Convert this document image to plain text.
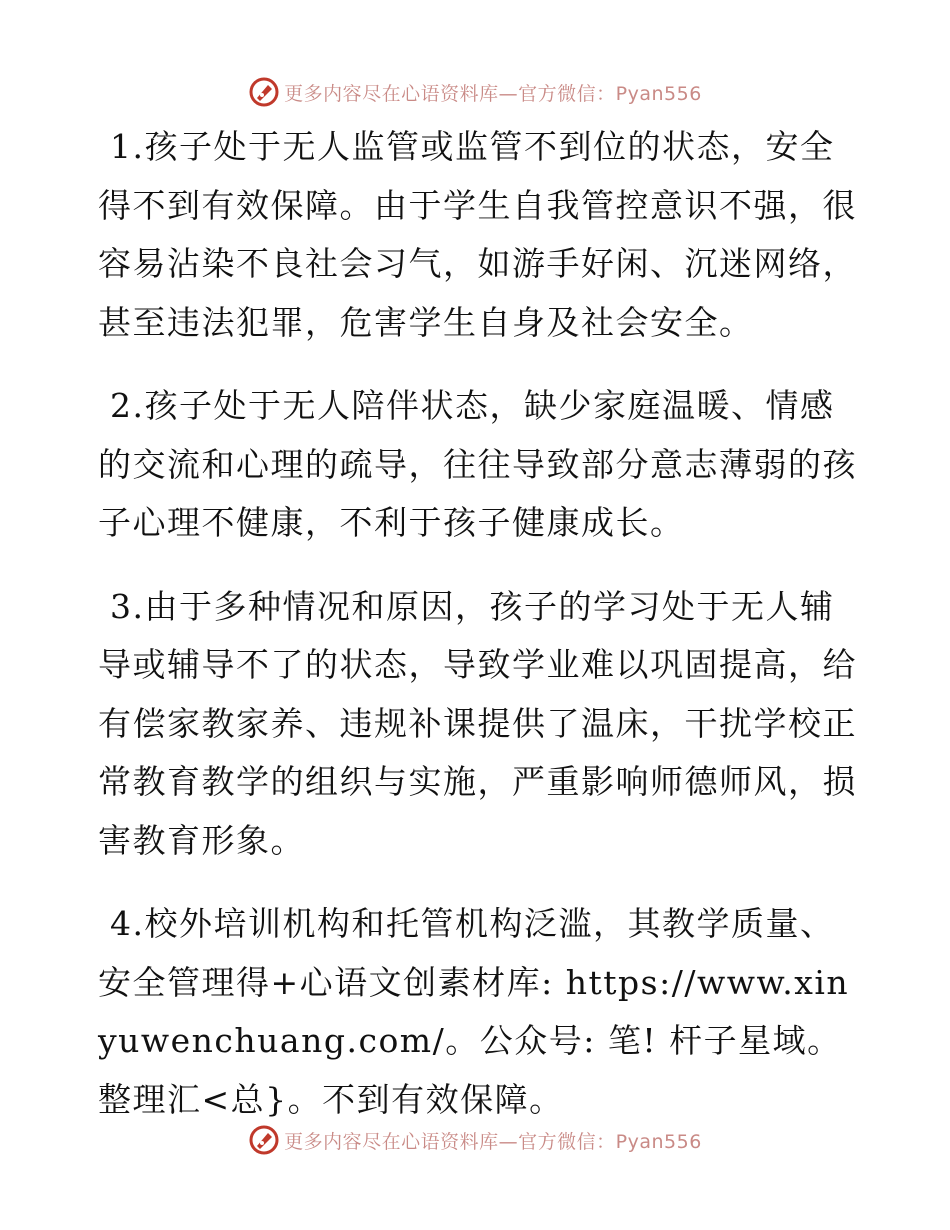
更多内容尽在心语资料库—官方微信：Pyan556

1.孩子处于无人监管或监管不到位的状态，安全得不到有效保障。由于学生自我管控意识不强，很容易沾染不良社会习气，如游手好闲、沉迷网络，甚至违法犯罪，危害学生自身及社会安全。

2.孩子处于无人陪伴状态，缺少家庭温暖、情感的交流和心理的疏导，往往导致部分意志薄弱的孩子心理不健康，不利于孩子健康成长。

3.由于多种情况和原因，孩子的学习处于无人辅导或辅导不了的状态，导致学业难以巩固提高，给有偿家教家养、违规补课提供了温床，干扰学校正常教育教学的组织与实施，严重影响师德师风，损害教育形象。

4.校外培训机构和托管机构泛滥，其教学质量、安全管理得+心语文创素材库: https://www.xinyuwenchuang.com/。公众号: 笔! 杆子星域。整理汇<总}。不到有效保障。

更多内容尽在心语资料库—官方微信：Pyan556
